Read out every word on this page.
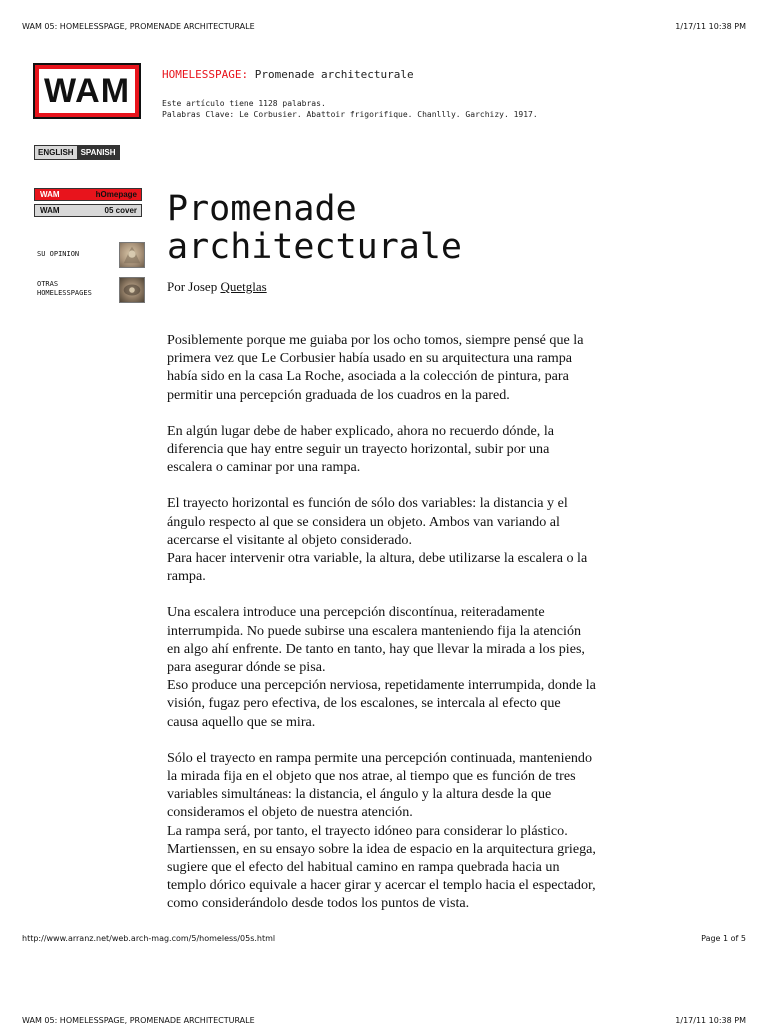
WAM 05: HOMELESSPAGE, PROMENADE ARCHITECTURALE	1/17/11 10:38 PM
WAM	HOMELESSPAGE: Promenade architecturale
Este artículo tiene 1128 palabras.
Palabras Clave: Le Corbusier. Abattoir frigorifique. Chanllly. Garchizy. 1917.
ENGLISH SPANISH
WAM	hOmepage
WAM	05 cover
SU OPINION
OTRAS
HOMELESSPAGES
Promenade
architecturale
Por Josep Quetglas

Posiblemente porque me guiaba por los ocho tomos, siempre pensé que la
primera vez que Le Corbusier había usado en su arquitectura una rampa
había sido en la casa La Roche, asociada a la colección de pintura, para
permitir una percepción graduada de los cuadros en la pared.

En algún lugar debe de haber explicado, ahora no recuerdo dónde, la
diferencia que hay entre seguir un trayecto horizontal, subir por una
escalera o caminar por una rampa.

El trayecto horizontal es función de sólo dos variables: la distancia y el
ángulo respecto al que se considera un objeto. Ambos van variando al
acercarse el visitante al objeto considerado.
Para hacer intervenir otra variable, la altura, debe utilizarse la escalera o la
rampa.

Una escalera introduce una percepción discontínua, reiteradamente
interrumpida. No puede subirse una escalera manteniendo fija la atención
en algo ahí enfrente. De tanto en tanto, hay que llevar la mirada a los pies,
para asegurar dónde se pisa.
Eso produce una percepción nerviosa, repetidamente interrumpida, donde la
visión, fugaz pero efectiva, de los escalones, se intercala al efecto que
causa aquello que se mira.

Sólo el trayecto en rampa permite una percepción continuada, manteniendo
la mirada fija en el objeto que nos atrae, al tiempo que es función de tres
variables simultáneas: la distancia, el ángulo y la altura desde la que
consideramos el objeto de nuestra atención.
La rampa será, por tanto, el trayecto idóneo para considerar lo plástico.
Martienssen, en su ensayo sobre la idea de espacio en la arquitectura griega,
sugiere que el efecto del habitual camino en rampa quebrada hacia un
templo dórico equivale a hacer girar y acercar el templo hacia el espectador,
como considerándolo desde todos los puntos de vista.

http://www.arranz.net/web.arch-mag.com/5/homeless/05s.html	Page 1 of 5
WAM 05: HOMELESSPAGE, PROMENADE ARCHITECTURALE	1/17/11 10:38 PM
